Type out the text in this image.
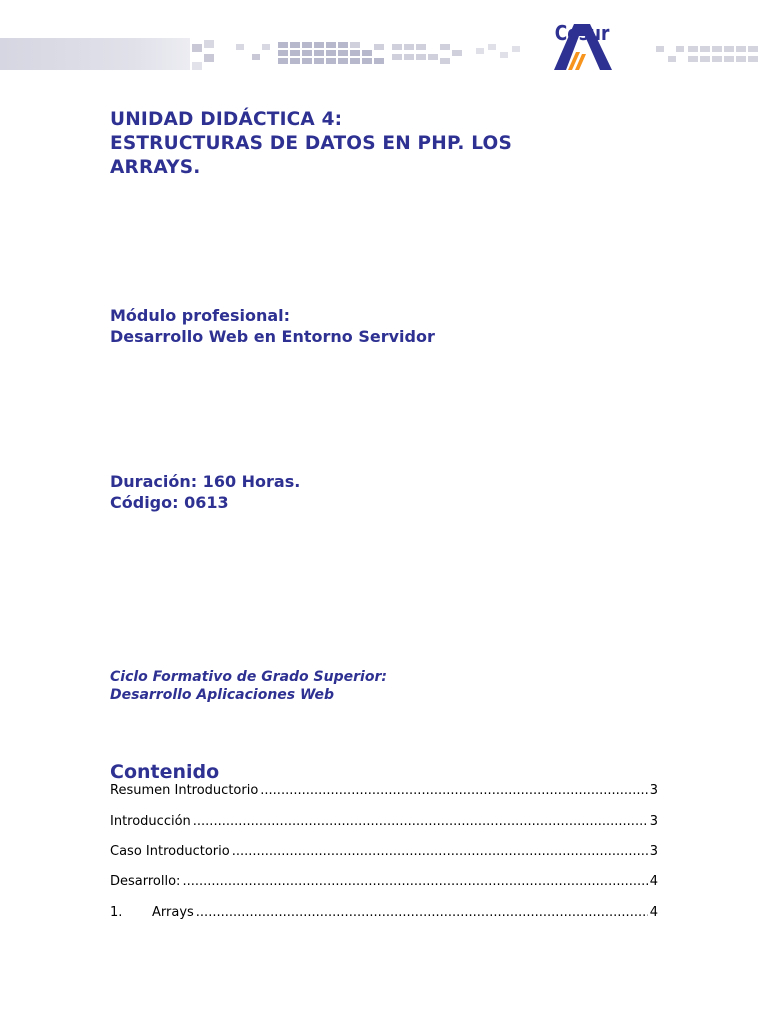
Cesur
UNIDAD DIDÁCTICA 4:
ESTRUCTURAS DE DATOS EN PHP. LOS
ARRAYS.
Módulo profesional:
Desarrollo Web en Entorno Servidor
Duración: 160 Horas.
Código: 0613
Ciclo Formativo de Grado Superior:
Desarrollo Aplicaciones Web
Contenido
Resumen Introductorio .....	3
Introducción .....	3
Caso Introductorio .....	3
Desarrollo: .....	4
1.	Arrays .....	4
